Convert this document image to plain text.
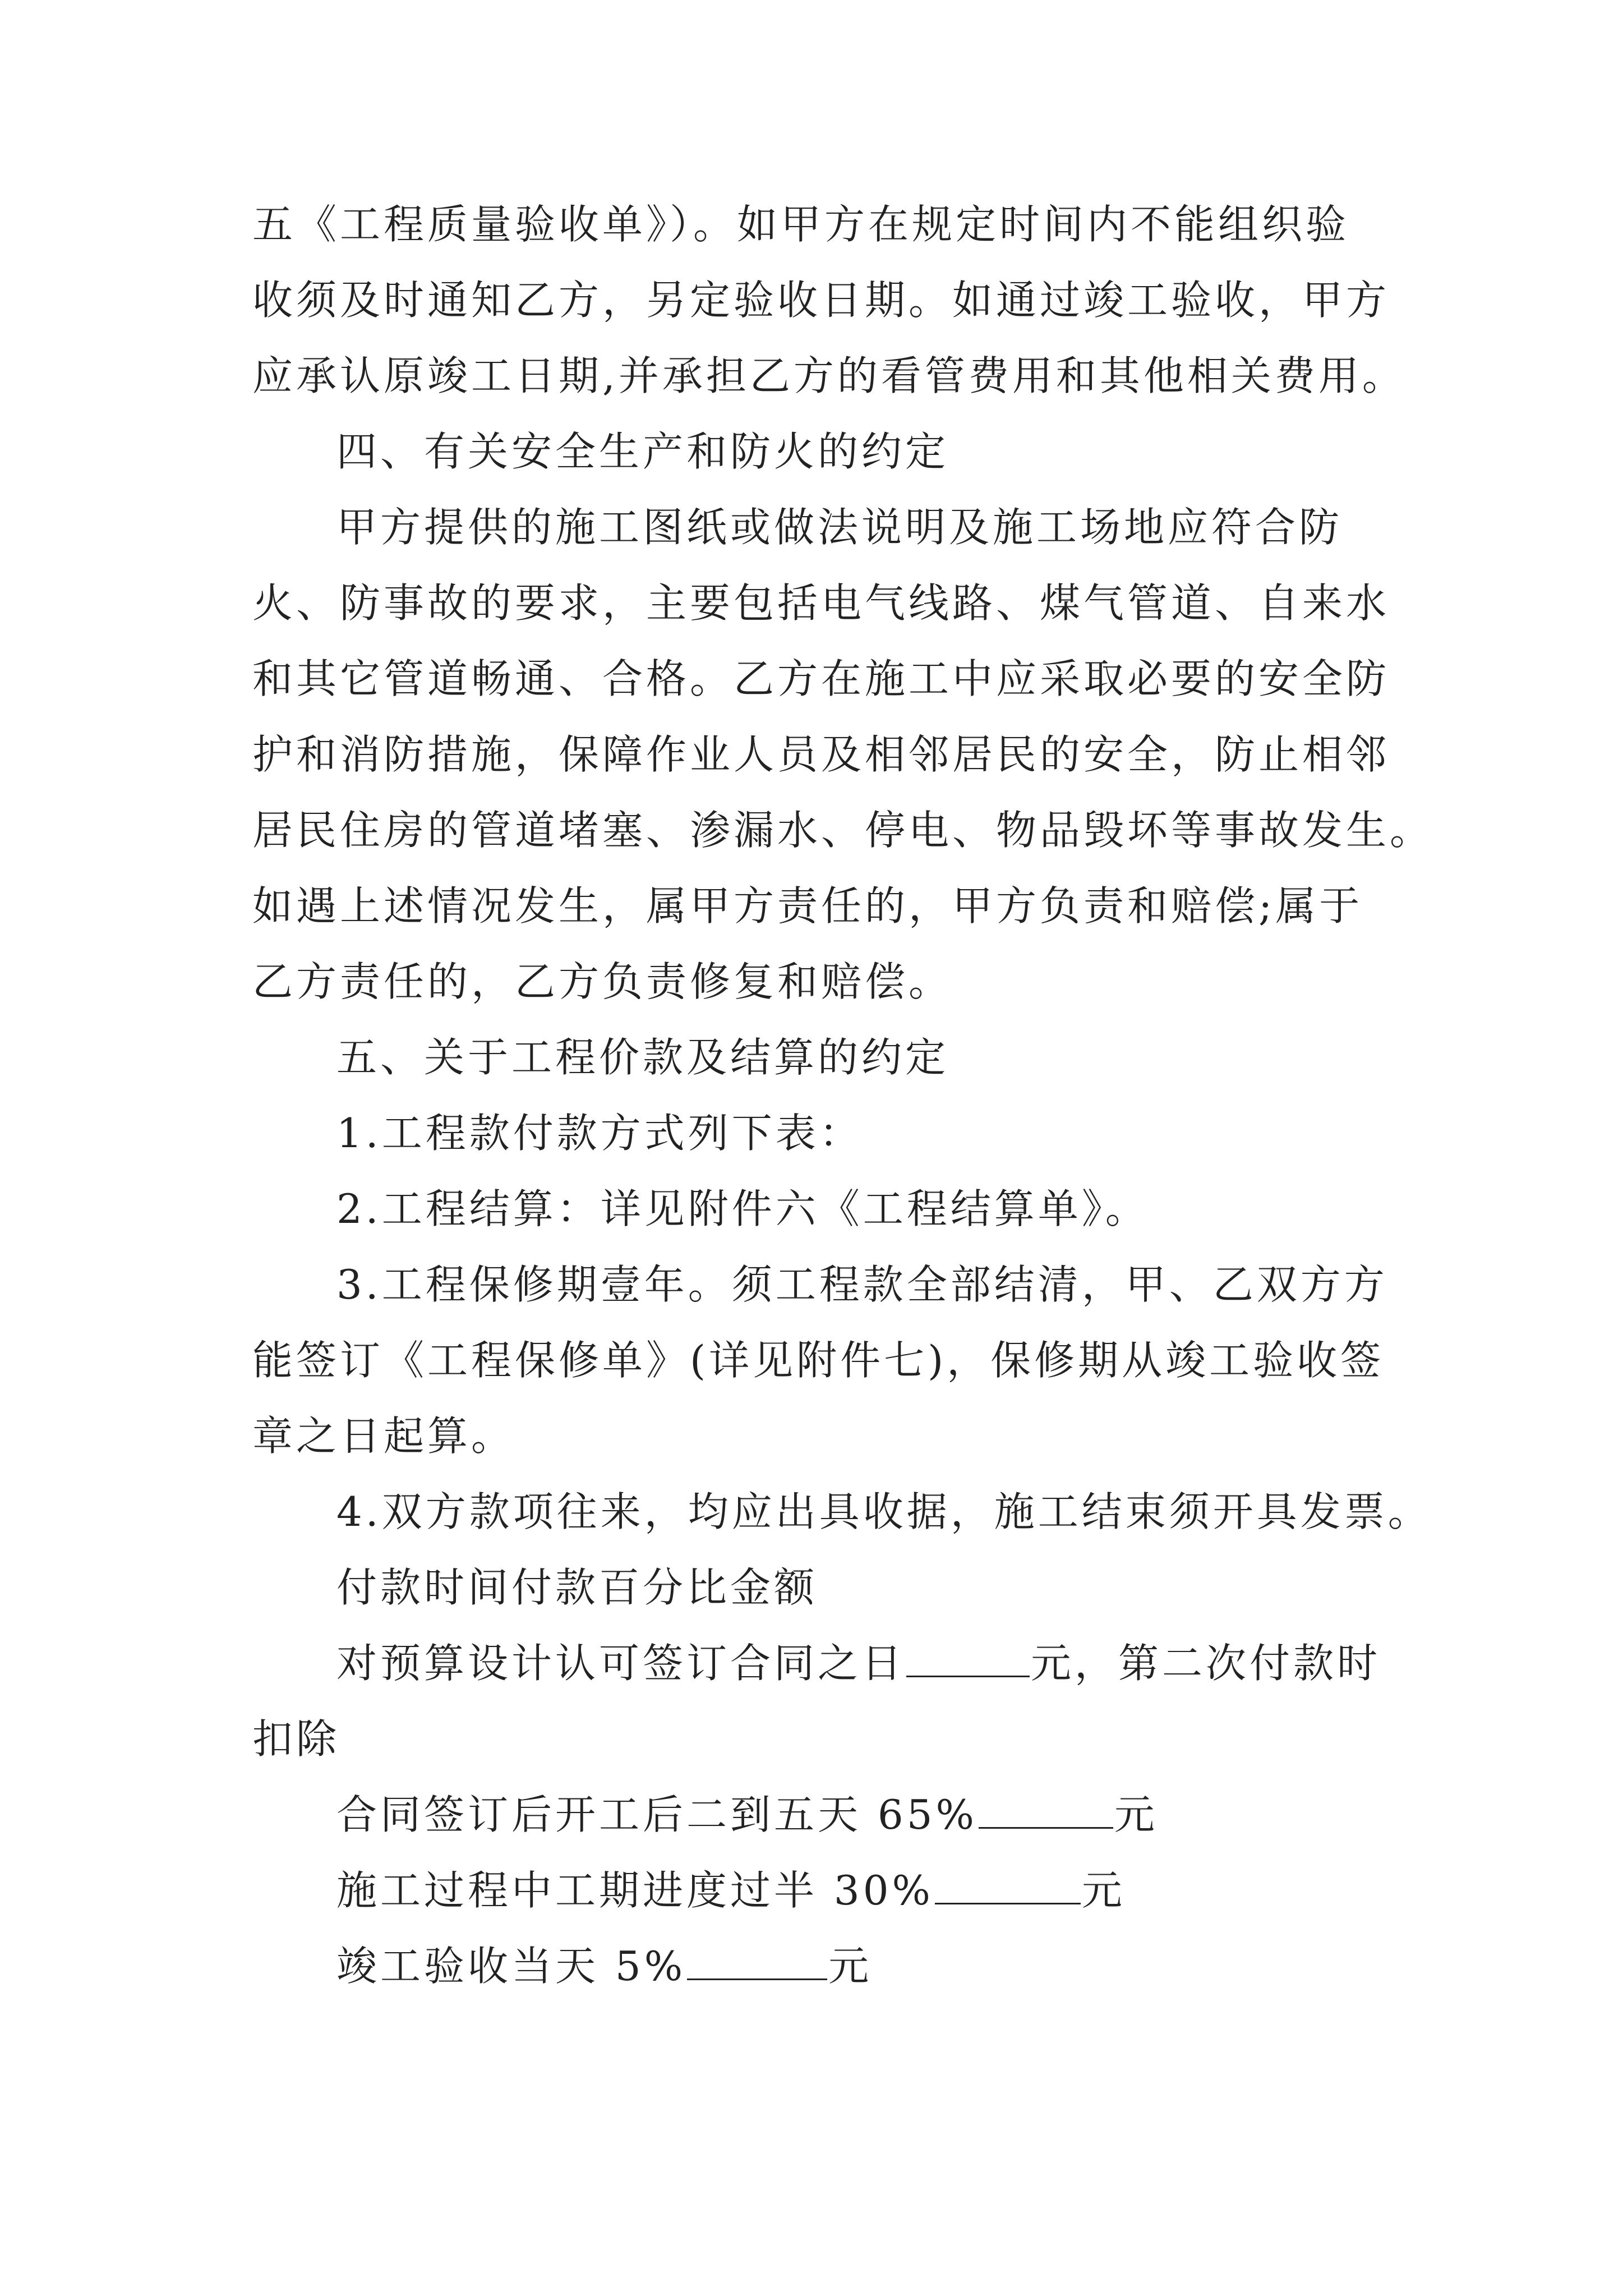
五《工程质量验收单》）。如甲方在规定时间内不能组织验
收须及时通知乙方，另定验收日期。如通过竣工验收，甲方
应承认原竣工日期,并承担乙方的看管费用和其他相关费用。
四、有关安全生产和防火的约定
甲方提供的施工图纸或做法说明及施工场地应符合防
火、防事故的要求，主要包括电气线路、煤气管道、自来水
和其它管道畅通、合格。乙方在施工中应采取必要的安全防
护和消防措施，保障作业人员及相邻居民的安全，防止相邻
居民住房的管道堵塞、渗漏水、停电、物品毁坏等事故发生。
如遇上述情况发生，属甲方责任的，甲方负责和赔偿;属于
乙方责任的，乙方负责修复和赔偿。
五、关于工程价款及结算的约定
1.工程款付款方式列下表：
2.工程结算：详见附件六《工程结算单》。
3.工程保修期壹年。须工程款全部结清，甲、乙双方方
能签订《工程保修单》(详见附件七)，保修期从竣工验收签
章之日起算。
4.双方款项往来，均应出具收据，施工结束须开具发票。
付款时间付款百分比金额
对预算设计认可签订合同之日	元，第二次付款时
扣除
合同签订后开工后二到五天 65%	元
施工过程中工期进度过半 30%	元
竣工验收当天 5%	元
